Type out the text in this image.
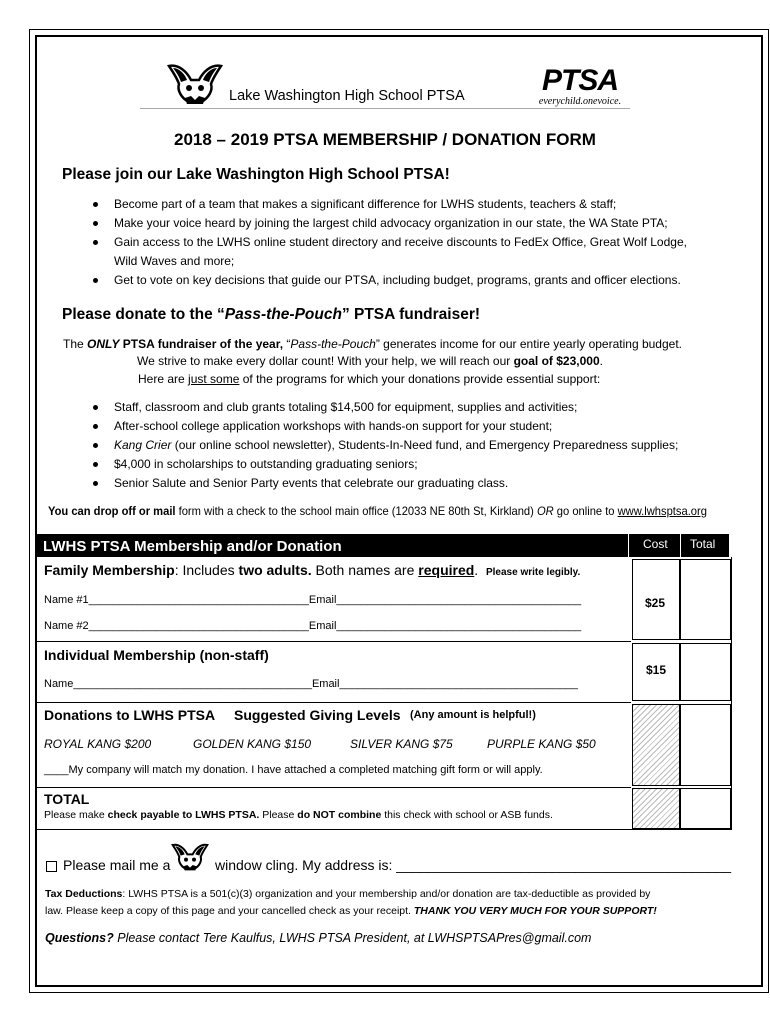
Lake Washington High School PTSA	PTSA
everychild.onevoice.
2018 – 2019 PTSA MEMBERSHIP / DONATION FORM
Please join our Lake Washington High School PTSA!
Become part of a team that makes a significant difference for LWHS students, teachers & staff;
Make your voice heard by joining the largest child advocacy organization in our state, the WA State PTA;
Gain access to the LWHS online student directory and receive discounts to FedEx Office, Great Wolf Lodge,
Wild Waves and more;
Get to vote on key decisions that guide our PTSA, including budget, programs, grants and officer elections.
Please donate to the “Pass-the-Pouch” PTSA fundraiser!
The ONLY PTSA fundraiser of the year, “Pass-the-Pouch” generates income for our entire yearly operating budget.
We strive to make every dollar count! With your help, we will reach our goal of $23,000.
Here are just some of the programs for which your donations provide essential support:
Staff, classroom and club grants totaling $14,500 for equipment, supplies and activities;
After-school college application workshops with hands-on support for your student;
Kang Crier (our online school newsletter), Students-In-Need fund, and Emergency Preparedness supplies;
$4,000 in scholarships to outstanding graduating seniors;
Senior Salute and Senior Party events that celebrate our graduating class.
You can drop off or mail form with a check to the school main office (12033 NE 80th St, Kirkland) OR go online to www.lwhsptsa.org
LWHS PTSA Membership and/or Donation	Cost Total
Family Membership: Includes two adults. Both names are required. Please write legibly.
Name #1____________________________________Email________________________________________
Name #2____________________________________Email________________________________________
$25
Individual Membership (non-staff)
Name_______________________________________Email_______________________________________
$15
Donations to LWHS PTSA Suggested Giving Levels (Any amount is helpful!)
ROYAL KANG $200	GOLDEN KANG $150	SILVER KANG $75	PURPLE KANG $50
____My company will match my donation. I have attached a completed matching gift form or will apply.
TOTAL
Please make check payable to LWHS PTSA. Please do NOT combine this check with school or ASB funds.
Please mail me a	window cling. My address is: ___________________________________________
Tax Deductions: LWHS PTSA is a 501(c)(3) organization and your membership and/or donation are tax-deductible as provided by
law. Please keep a copy of this page and your cancelled check as your receipt. THANK YOU VERY MUCH FOR YOUR SUPPORT!
Questions? Please contact Tere Kaulfus, LWHS PTSA President, at LWHSPTSAPres@gmail.com
